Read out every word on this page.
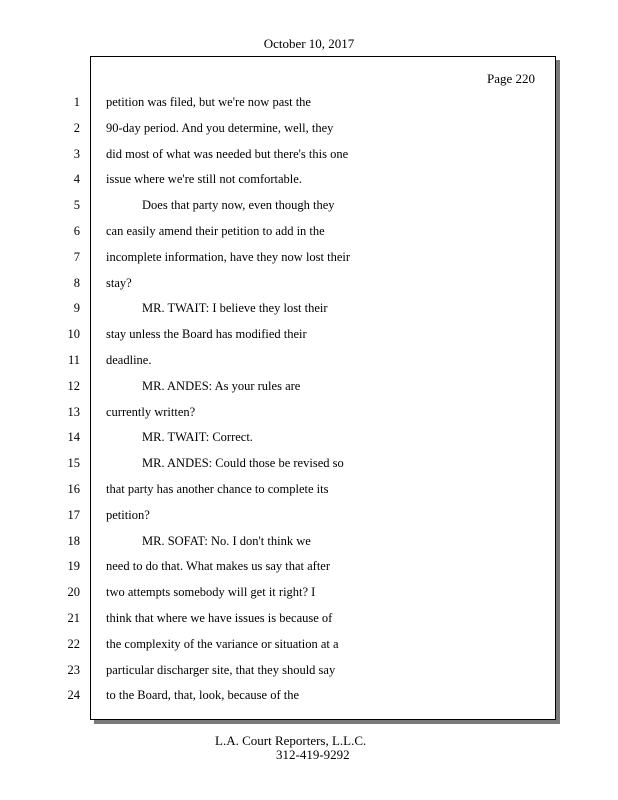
October 10, 2017
Page 220
1
2
3
4
5
6
7
8
9
10
11
12
13
14
15
16
17
18
19
20
21
22
23
24
petition was filed, but we're now past the
90-day period. And you determine, well, they
did most of what was needed but there's this one
issue where we're still not comfortable.
Does that party now, even though they
can easily amend their petition to add in the
incomplete information, have they now lost their
stay?
MR. TWAIT: I believe they lost their
stay unless the Board has modified their
deadline.
MR. ANDES: As your rules are
currently written?
MR. TWAIT: Correct.
MR. ANDES: Could those be revised so
that party has another chance to complete its
petition?
MR. SOFAT: No. I don't think we
need to do that. What makes us say that after
two attempts somebody will get it right? I
think that where we have issues is because of
the complexity of the variance or situation at a
particular discharger site, that they should say
to the Board, that, look, because of the
L.A. Court Reporters, L.L.C.
312-419-9292
